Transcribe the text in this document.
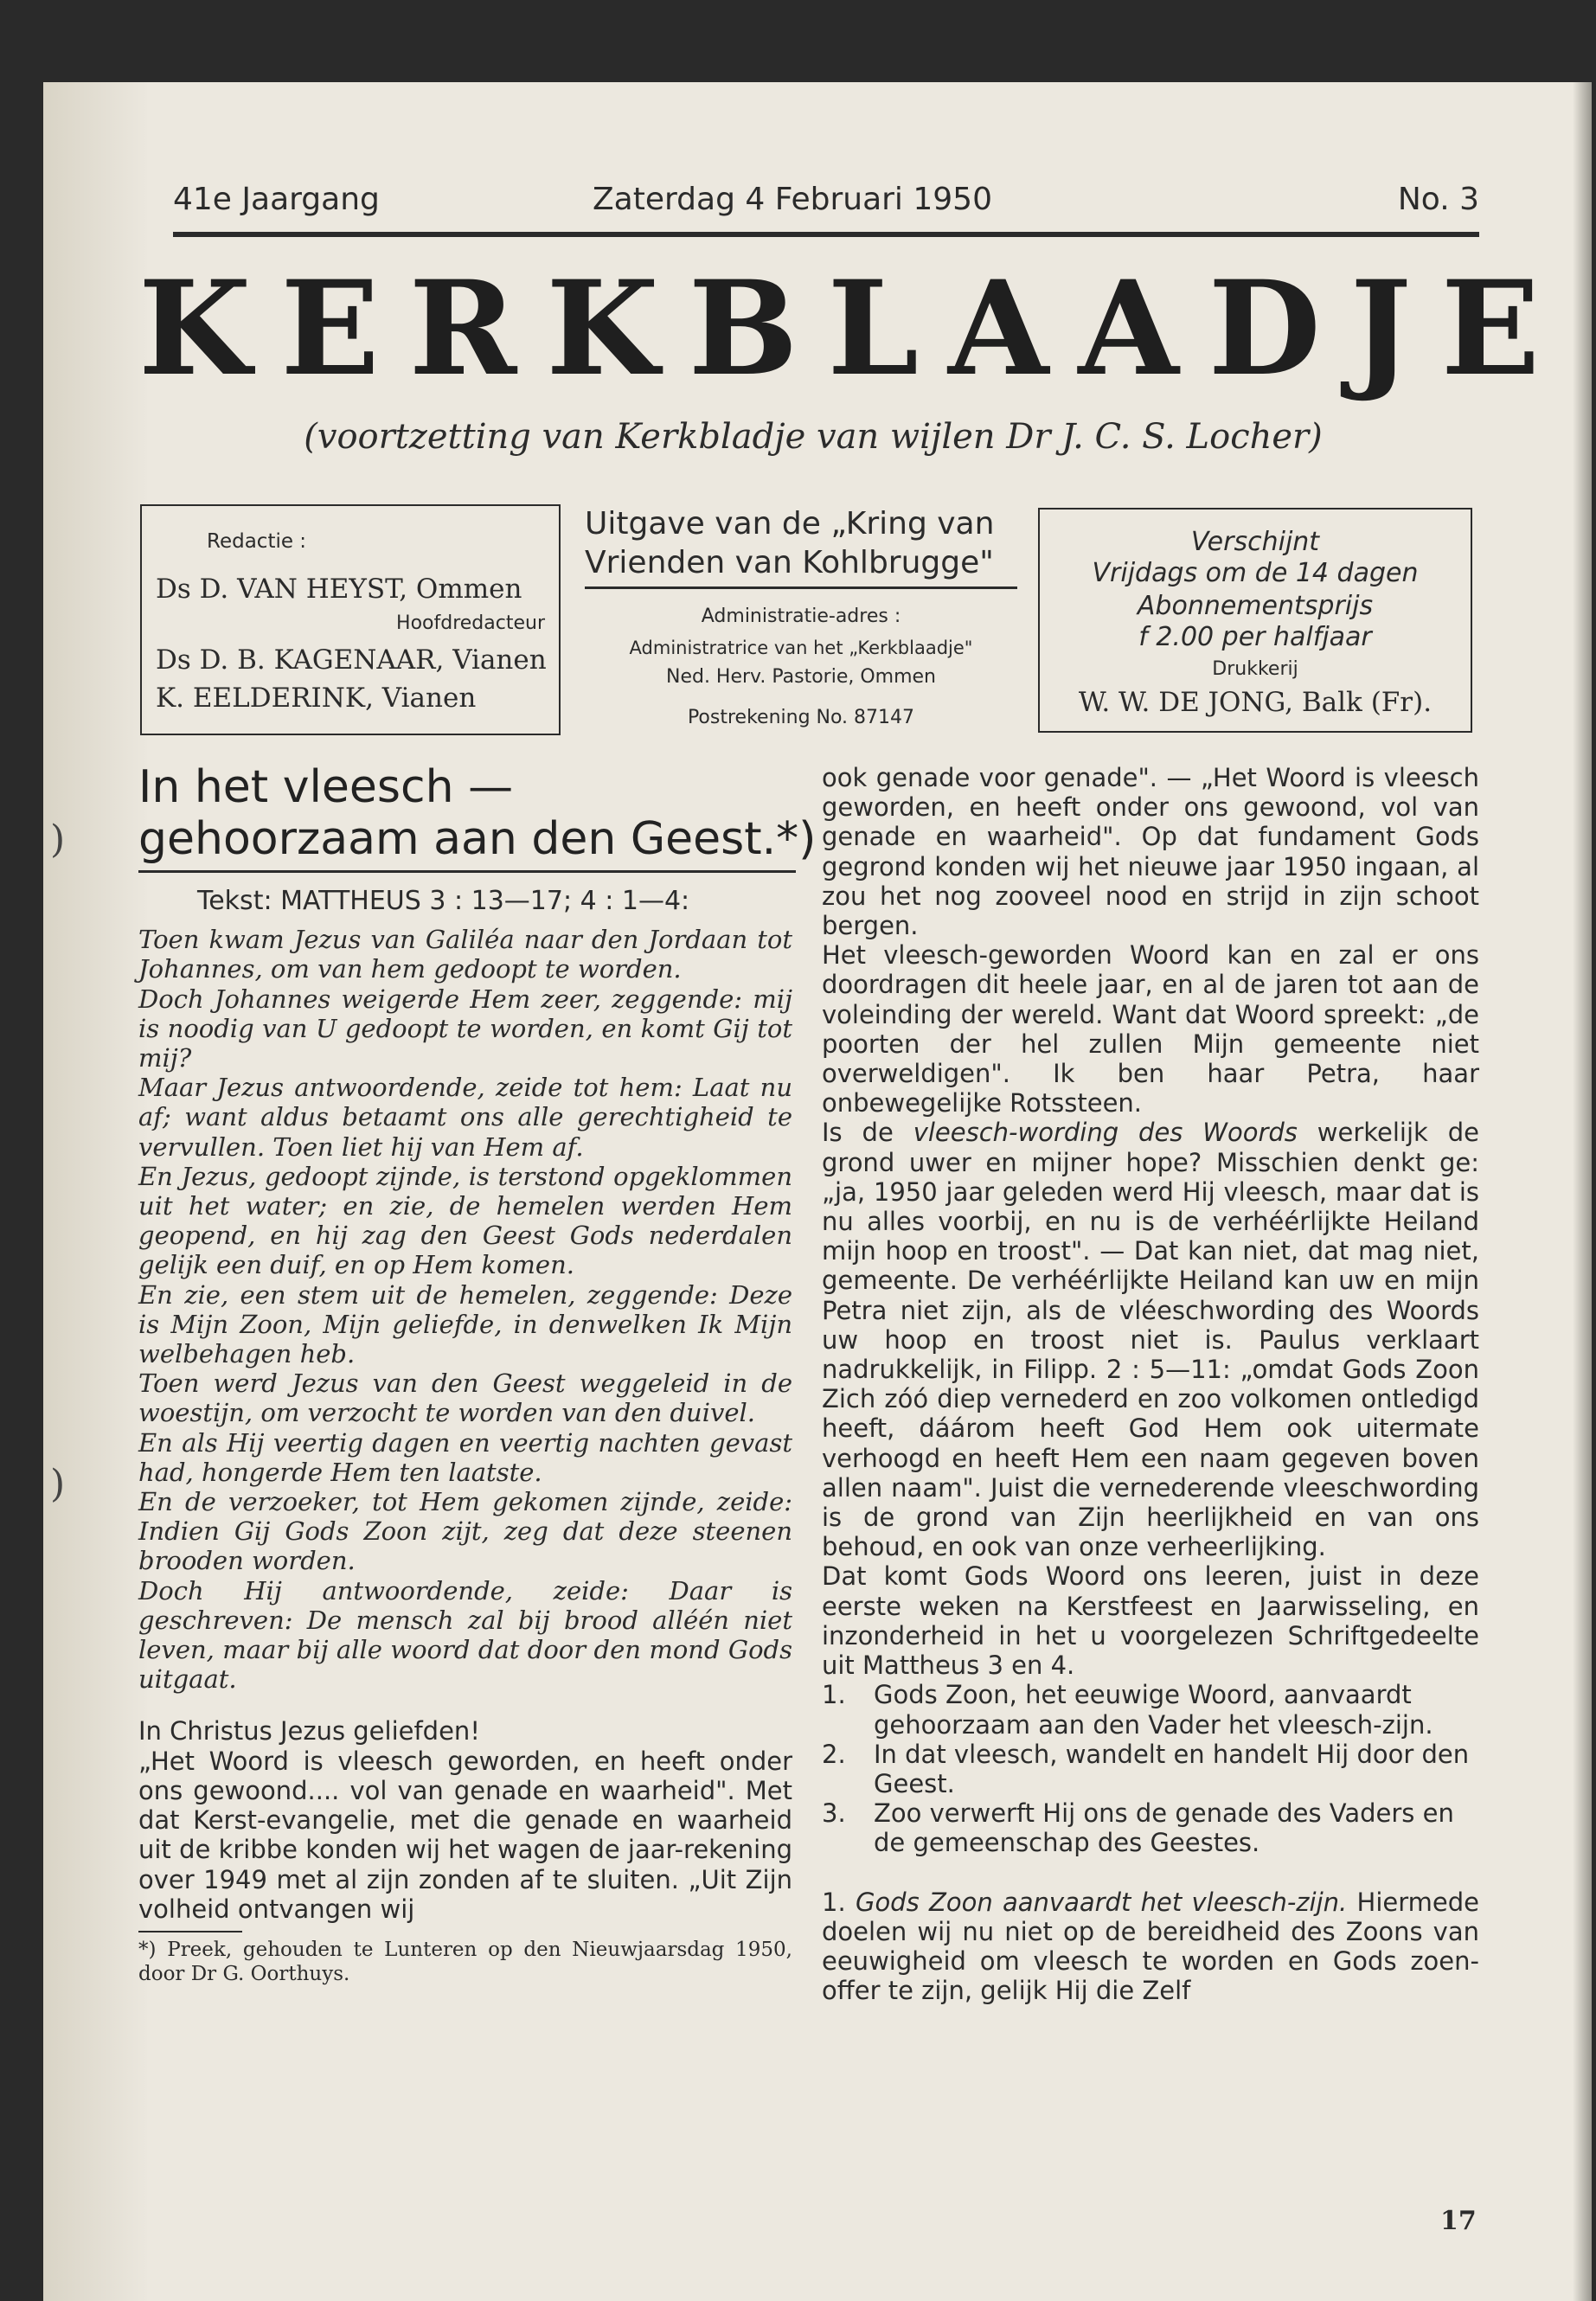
41e Jaargang	Zaterdag 4 Februari 1950	No. 3
KERKBLAADJE
(voortzetting van Kerkbladje van wijlen Dr J. C. S. Locher)
Redactie :
Ds D. VAN HEYST, Ommen
Hoofdredacteur
Ds D. B. KAGENAAR, Vianen
K. EELDERINK, Vianen
Uitgave van de „Kring van
Vrienden van Kohlbrugge"
Administratie-adres :
Administratrice van het „Kerkblaadje"
Ned. Herv. Pastorie, Ommen
Postrekening No. 87147
Verschijnt
Vrijdags om de 14 dagen
Abonnementsprijs
f 2.00 per halfjaar
Drukkerij
W. W. DE JONG, Balk (Fr).
In het vleesch —
gehoorzaam aan den Geest.*)
)
)

Tekst: MATTHEUS 3 : 13—17; 4 : 1—4:

Toen kwam Jezus van Galiléa naar den Jordaan tot Johannes, om van hem gedoopt te worden.

Doch Johannes weigerde Hem zeer, zeggende: mij is noodig van U gedoopt te worden, en komt Gij tot mij?

Maar Jezus antwoordende, zeide tot hem: Laat nu af; want aldus betaamt ons alle gerechtigheid te vervullen. Toen liet hij van Hem af.

En Jezus, gedoopt zijnde, is terstond opgeklommen uit het water; en zie, de hemelen werden Hem geopend, en hij zag den Geest Gods nederdalen gelijk een duif, en op Hem komen.

En zie, een stem uit de hemelen, zeggende: Deze is Mijn Zoon, Mijn geliefde, in denwelken Ik Mijn welbehagen heb.

Toen werd Jezus van den Geest weggeleid in de woestijn, om verzocht te worden van den duivel.

En als Hij veertig dagen en veertig nachten gevast had, hongerde Hem ten laatste.

En de verzoeker, tot Hem gekomen zijnde, zeide: Indien Gij Gods Zoon zijt, zeg dat deze steenen brooden worden.

Doch Hij antwoordende, zeide: Daar is geschreven: De mensch zal bij brood alléén niet leven, maar bij alle woord dat door den mond Gods uitgaat.

In Christus Jezus geliefden!

„Het Woord is vleesch geworden, en heeft onder ons gewoond.... vol van genade en waarheid". Met dat Kerst-evangelie, met die genade en waarheid uit de kribbe konden wij het wagen de jaar-rekening over 1949 met al zijn zonden af te sluiten. „Uit Zijn volheid ontvangen wij

*) Preek, gehouden te Lunteren op den Nieuwjaarsdag 1950, door Dr G. Oorthuys.

ook genade voor genade". — „Het Woord is vleesch geworden, en heeft onder ons gewoond, vol van genade en waarheid". Op dat fundament Gods gegrond konden wij het nieuwe jaar 1950 ingaan, al zou het nog zooveel nood en strijd in zijn schoot bergen.

Het vleesch-geworden Woord kan en zal er ons doordragen dit heele jaar, en al de jaren tot aan de voleinding der wereld. Want dat Woord spreekt: „de poorten der hel zullen Mijn gemeente niet overweldigen". Ik ben haar Petra, haar onbewegelijke Rotssteen.

Is de vleesch-wording des Woords werkelijk de grond uwer en mijner hope? Misschien denkt ge: „ja, 1950 jaar geleden werd Hij vleesch, maar dat is nu alles voorbij, en nu is de verhéérlijkte Heiland mijn hoop en troost". — Dat kan niet, dat mag niet, gemeente. De verhéérlijkte Heiland kan uw en mijn Petra niet zijn, als de vléeschwording des Woords uw hoop en troost niet is. Paulus verklaart nadrukkelijk, in Filipp. 2 : 5—11: „omdat Gods Zoon Zich zóó diep vernederd en zoo volkomen ontledigd heeft, dáárom heeft God Hem ook uitermate verhoogd en heeft Hem een naam gegeven boven allen naam". Juist die vernederende vleeschwording is de grond van Zijn heerlijkheid en van ons behoud, en ook van onze verheerlijking.

Dat komt Gods Woord ons leeren, juist in deze eerste weken na Kerstfeest en Jaarwisseling, en inzonderheid in het u voorgelezen Schriftgedeelte uit Mattheus 3 en 4.

1. Gods Zoon, het eeuwige Woord, aanvaardt gehoorzaam aan den Vader het vleesch-zijn.
2. In dat vleesch, wandelt en handelt Hij door den Geest.
3. Zoo verwerft Hij ons de genade des Vaders en de gemeenschap des Geestes.

1. Gods Zoon aanvaardt het vleesch-zijn. Hiermede doelen wij nu niet op de bereidheid des Zoons van eeuwigheid om vleesch te worden en Gods zoen-offer te zijn, gelijk Hij die Zelf

17
